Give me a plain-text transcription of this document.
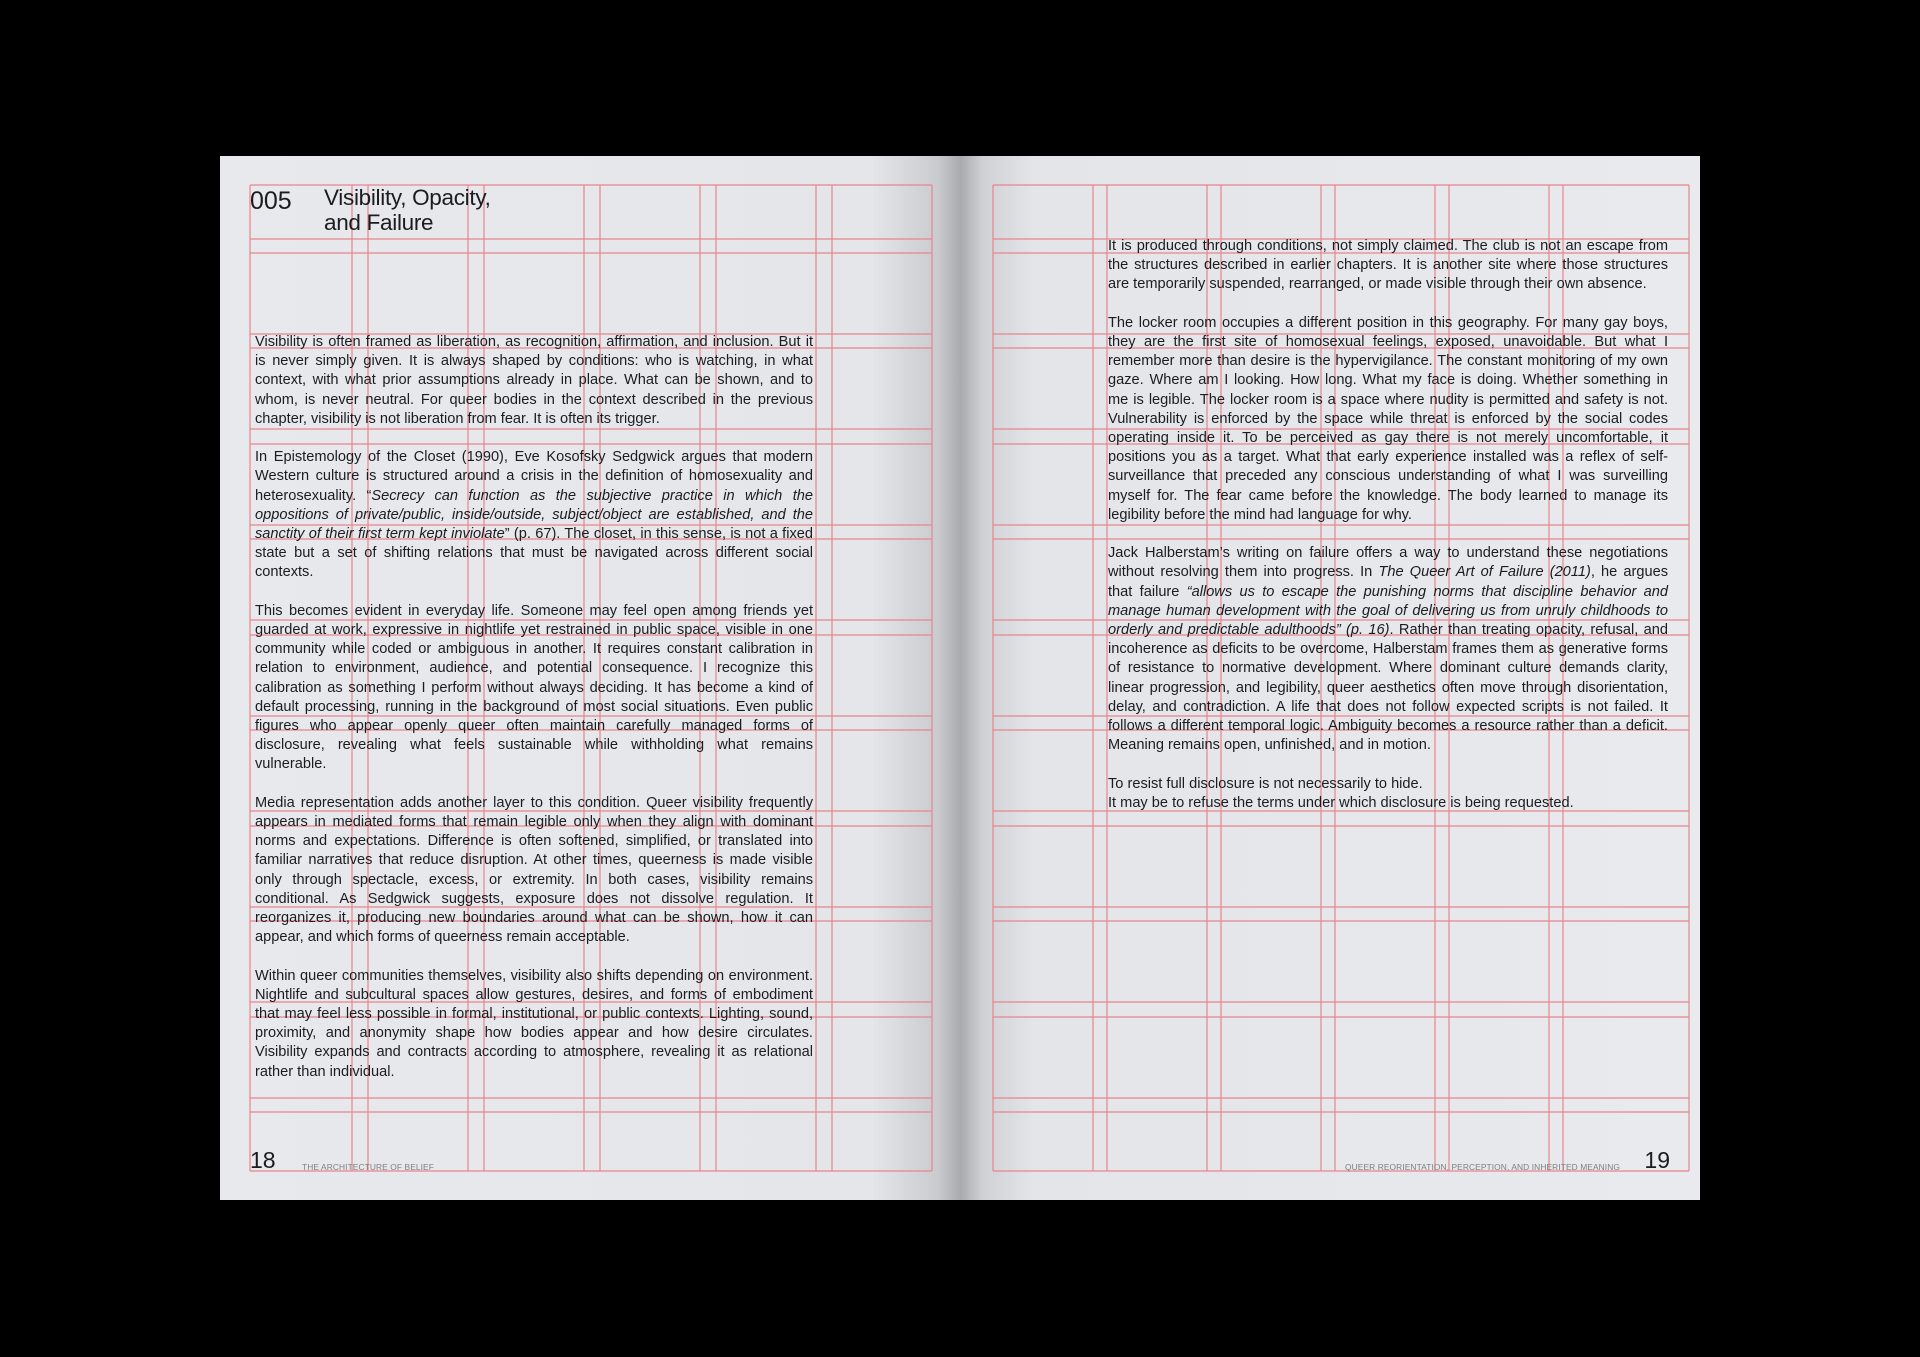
005 Visibility, Opacity,
and Failure

Visibility is often framed as liberation, as recognition, affirmation, and inclusion. But it is never simply given. It is always shaped by conditions: who is watching, in what context, with what prior assumptions already in place. What can be shown, and to whom, is never neutral. For queer bodies in the context described in the previous chapter, visibility is not liberation from fear. It is often its trigger.

In Epistemology of the Closet (1990), Eve Kosofsky Sedgwick argues that modern Western culture is structured around a crisis in the definition of homosexuality and heterosexuality. “Secrecy can function as the subjective practice in which the oppositions of private/public, inside/outside, subject/object are established, and the sanctity of their first term kept inviolate” (p. 67). The closet, in this sense, is not a fixed state but a set of shifting relations that must be navigated across different social contexts.

This becomes evident in everyday life. Someone may feel open among friends yet guarded at work, expressive in nightlife yet restrained in public space, visible in one community while coded or ambiguous in another. It requires constant calibration in relation to environment, audience, and potential consequence. I recognize this calibration as something I perform without always deciding. It has become a kind of default processing, running in the background of most social situations. Even public figures who appear openly queer often maintain carefully managed forms of disclosure, revealing what feels sustainable while withholding what remains vulnerable.

Media representation adds another layer to this condition. Queer visibility frequently appears in mediated forms that remain legible only when they align with dominant norms and expectations. Difference is often softened, simplified, or translated into familiar narratives that reduce disruption. At other times, queerness is made visible only through spectacle, excess, or extremity. In both cases, visibility remains conditional. As Sedgwick suggests, exposure does not dissolve regulation. It reorganizes it, producing new boundaries around what can be shown, how it can appear, and which forms of queerness remain acceptable.

Within queer communities themselves, visibility also shifts depending on environment. Nightlife and subcultural spaces allow gestures, desires, and forms of embodiment that may feel less possible in formal, institutional, or public contexts. Lighting, sound, proximity, and anonymity shape how bodies appear and how desire circulates. Visibility expands and contracts according to atmosphere, revealing it as relational rather than individual.

18	THE ARCHITECTURE OF BELIEF

It is produced through conditions, not simply claimed. The club is not an escape from the structures described in earlier chapters. It is another site where those structures are temporarily suspended, rearranged, or made visible through their own absence.

The locker room occupies a different position in this geography. For many gay boys, they are the first site of homosexual feelings, exposed, unavoidable. But what I remember more than desire is the hypervigilance. The constant monitoring of my own gaze. Where am I looking. How long. What my face is doing. Whether something in me is legible. The locker room is a space where nudity is permitted and safety is not. Vulnerability is enforced by the space while threat is enforced by the social codes operating inside it. To be perceived as gay there is not merely uncomfortable, it positions you as a target. What that early experience installed was a reflex of self-surveillance that preceded any conscious understanding of what I was surveilling myself for. The fear came before the knowledge. The body learned to manage its legibility before the mind had language for why.

Jack Halberstam’s writing on failure offers a way to understand these negotiations without resolving them into progress. In The Queer Art of Failure (2011), he argues that failure “allows us to escape the punishing norms that discipline behavior and manage human development with the goal of delivering us from unruly childhoods to orderly and predictable adulthoods” (p. 16). Rather than treating opacity, refusal, and incoherence as deficits to be overcome, Halberstam frames them as generative forms of resistance to normative development. Where dominant culture demands clarity, linear progression, and legibility, queer aesthetics often move through disorientation, delay, and contradiction. A life that does not follow expected scripts is not failed. It follows a different temporal logic. Ambiguity becomes a resource rather than a deficit. Meaning remains open, unfinished, and in motion.

To resist full disclosure is not necessarily to hide.
It may be to refuse the terms under which disclosure is being requested.

QUEER REORIENTATION, PERCEPTION, AND INHERITED MEANING 19
